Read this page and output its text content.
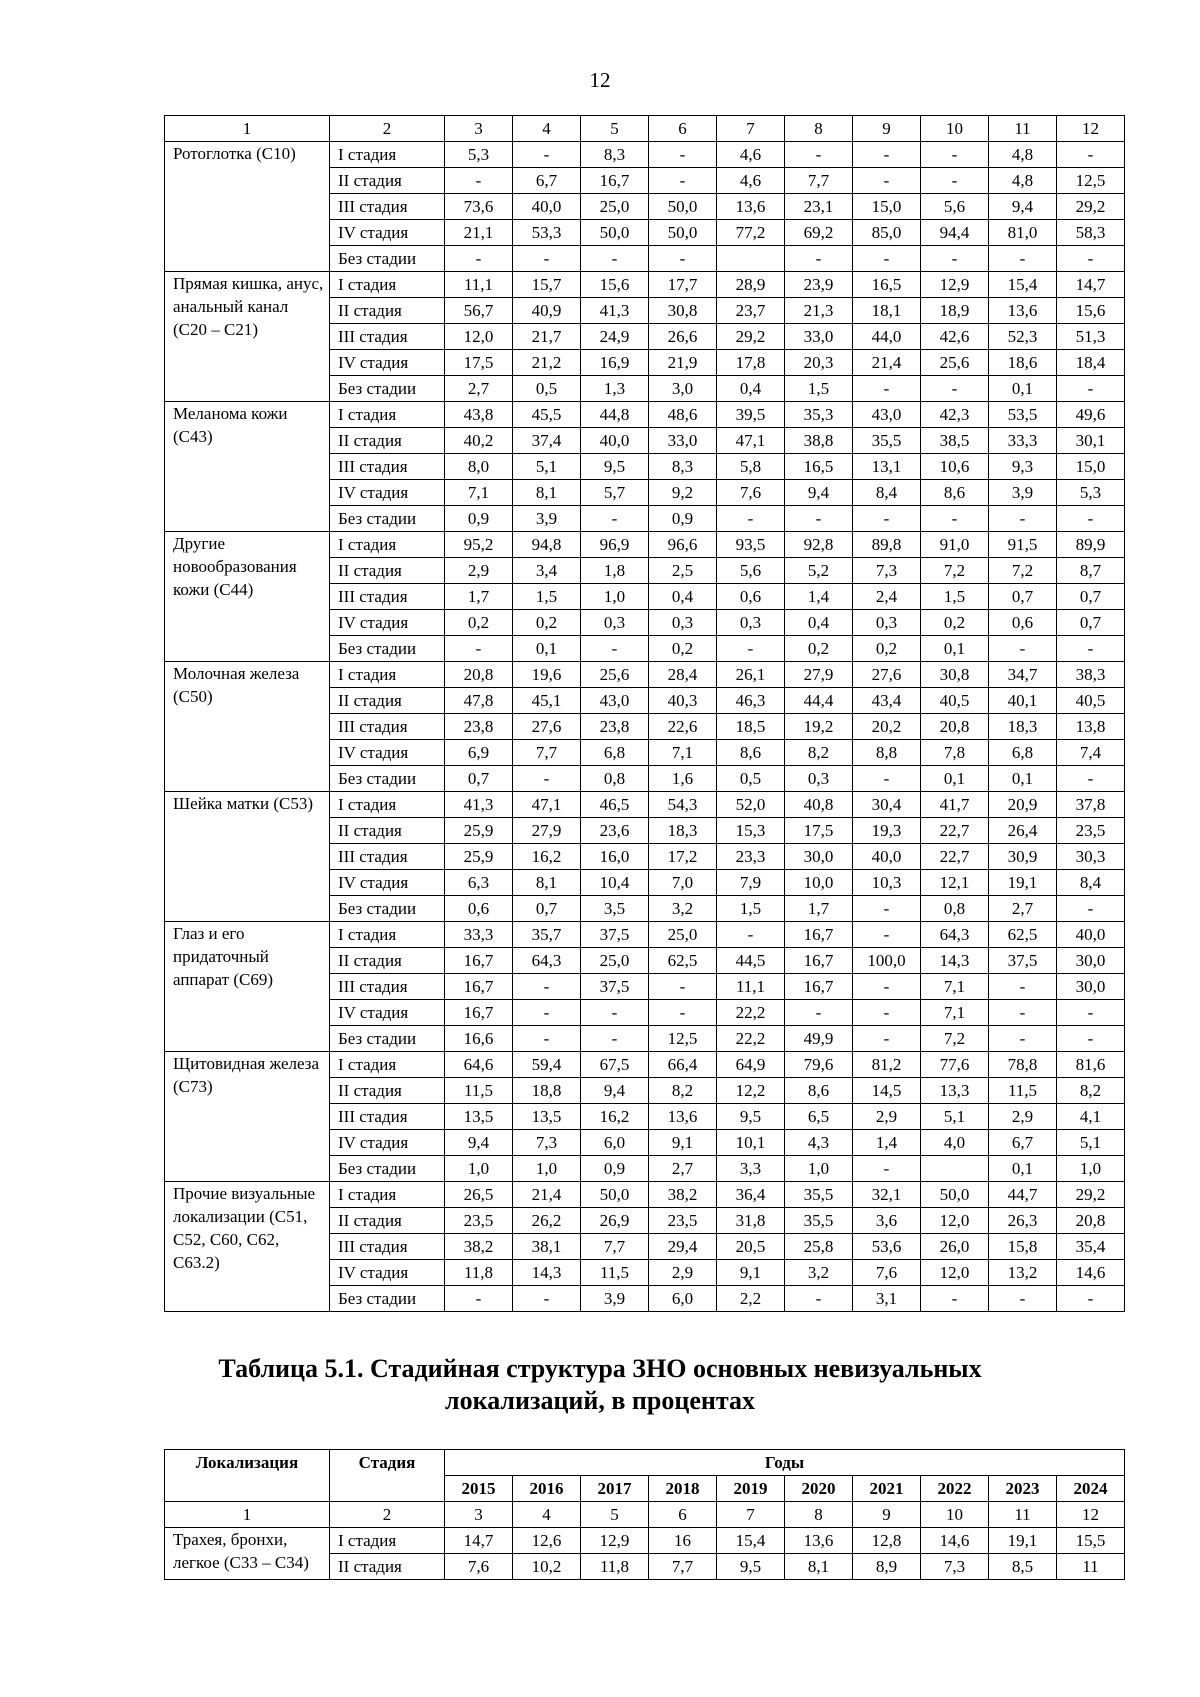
12
1	2	3	4	5	6	7	8	9	10	11	12
Ротоглотка (С10)	I стадия	5,3	-	8,3	-	4,6	-	-	-	4,8	-
	II стадия	-	6,7	16,7	-	4,6	7,7	-	-	4,8	12,5
	III стадия	73,6	40,0	25,0	50,0	13,6	23,1	15,0	5,6	9,4	29,2
	IV стадия	21,1	53,3	50,0	50,0	77,2	69,2	85,0	94,4	81,0	58,3
	Без стадии	-	-	-	-		-	-	-	-	-
Прямая кишка, анус, анальный канал (С20 – С21)	I стадия	11,1	15,7	15,6	17,7	28,9	23,9	16,5	12,9	15,4	14,7
	II стадия	56,7	40,9	41,3	30,8	23,7	21,3	18,1	18,9	13,6	15,6
	III стадия	12,0	21,7	24,9	26,6	29,2	33,0	44,0	42,6	52,3	51,3
	IV стадия	17,5	21,2	16,9	21,9	17,8	20,3	21,4	25,6	18,6	18,4
	Без стадии	2,7	0,5	1,3	3,0	0,4	1,5	-	-	0,1	-
Меланома кожи (С43)	I стадия	43,8	45,5	44,8	48,6	39,5	35,3	43,0	42,3	53,5	49,6
	II стадия	40,2	37,4	40,0	33,0	47,1	38,8	35,5	38,5	33,3	30,1
	III стадия	8,0	5,1	9,5	8,3	5,8	16,5	13,1	10,6	9,3	15,0
	IV стадия	7,1	8,1	5,7	9,2	7,6	9,4	8,4	8,6	3,9	5,3
	Без стадии	0,9	3,9	-	0,9	-	-	-	-	-	-
Другие новообразования кожи (С44)	I стадия	95,2	94,8	96,9	96,6	93,5	92,8	89,8	91,0	91,5	89,9
	II стадия	2,9	3,4	1,8	2,5	5,6	5,2	7,3	7,2	7,2	8,7
	III стадия	1,7	1,5	1,0	0,4	0,6	1,4	2,4	1,5	0,7	0,7
	IV стадия	0,2	0,2	0,3	0,3	0,3	0,4	0,3	0,2	0,6	0,7
	Без стадии	-	0,1	-	0,2	-	0,2	0,2	0,1	-	-
Молочная железа (С50)	I стадия	20,8	19,6	25,6	28,4	26,1	27,9	27,6	30,8	34,7	38,3
	II стадия	47,8	45,1	43,0	40,3	46,3	44,4	43,4	40,5	40,1	40,5
	III стадия	23,8	27,6	23,8	22,6	18,5	19,2	20,2	20,8	18,3	13,8
	IV стадия	6,9	7,7	6,8	7,1	8,6	8,2	8,8	7,8	6,8	7,4
	Без стадии	0,7	-	0,8	1,6	0,5	0,3	-	0,1	0,1	-
Шейка матки (С53)	I стадия	41,3	47,1	46,5	54,3	52,0	40,8	30,4	41,7	20,9	37,8
	II стадия	25,9	27,9	23,6	18,3	15,3	17,5	19,3	22,7	26,4	23,5
	III стадия	25,9	16,2	16,0	17,2	23,3	30,0	40,0	22,7	30,9	30,3
	IV стадия	6,3	8,1	10,4	7,0	7,9	10,0	10,3	12,1	19,1	8,4
	Без стадии	0,6	0,7	3,5	3,2	1,5	1,7	-	0,8	2,7	-
Глаз и его придаточный аппарат (С69)	I стадия	33,3	35,7	37,5	25,0	-	16,7	-	64,3	62,5	40,0
	II стадия	16,7	64,3	25,0	62,5	44,5	16,7	100,0	14,3	37,5	30,0
	III стадия	16,7	-	37,5	-	11,1	16,7	-	7,1	-	30,0
	IV стадия	16,7	-	-	-	22,2	-	-	7,1	-	-
	Без стадии	16,6	-	-	12,5	22,2	49,9	-	7,2	-	-
Щитовидная железа (С73)	I стадия	64,6	59,4	67,5	66,4	64,9	79,6	81,2	77,6	78,8	81,6
	II стадия	11,5	18,8	9,4	8,2	12,2	8,6	14,5	13,3	11,5	8,2
	III стадия	13,5	13,5	16,2	13,6	9,5	6,5	2,9	5,1	2,9	4,1
	IV стадия	9,4	7,3	6,0	9,1	10,1	4,3	1,4	4,0	6,7	5,1
	Без стадии	1,0	1,0	0,9	2,7	3,3	1,0	-		0,1	1,0
Прочие визуальные локализации (С51, С52, С60, С62, С63.2)	I стадия	26,5	21,4	50,0	38,2	36,4	35,5	32,1	50,0	44,7	29,2
	II стадия	23,5	26,2	26,9	23,5	31,8	35,5	3,6	12,0	26,3	20,8
	III стадия	38,2	38,1	7,7	29,4	20,5	25,8	53,6	26,0	15,8	35,4
	IV стадия	11,8	14,3	11,5	2,9	9,1	3,2	7,6	12,0	13,2	14,6
	Без стадии	-	-	3,9	6,0	2,2	-	3,1	-	-	-
Таблица 5.1. Стадийная структура ЗНО основных невизуальных
локализаций, в процентах
Локализация	Стадия	Годы									
		2015	2016	2017	2018	2019	2020	2021	2022	2023	2024
1	2	3	4	5	6	7	8	9	10	11	12
Трахея, бронхи, легкое (С33 – С34)	I стадия	14,7	12,6	12,9	16	15,4	13,6	12,8	14,6	19,1	15,5
	II стадия	7,6	10,2	11,8	7,7	9,5	8,1	8,9	7,3	8,5	11
